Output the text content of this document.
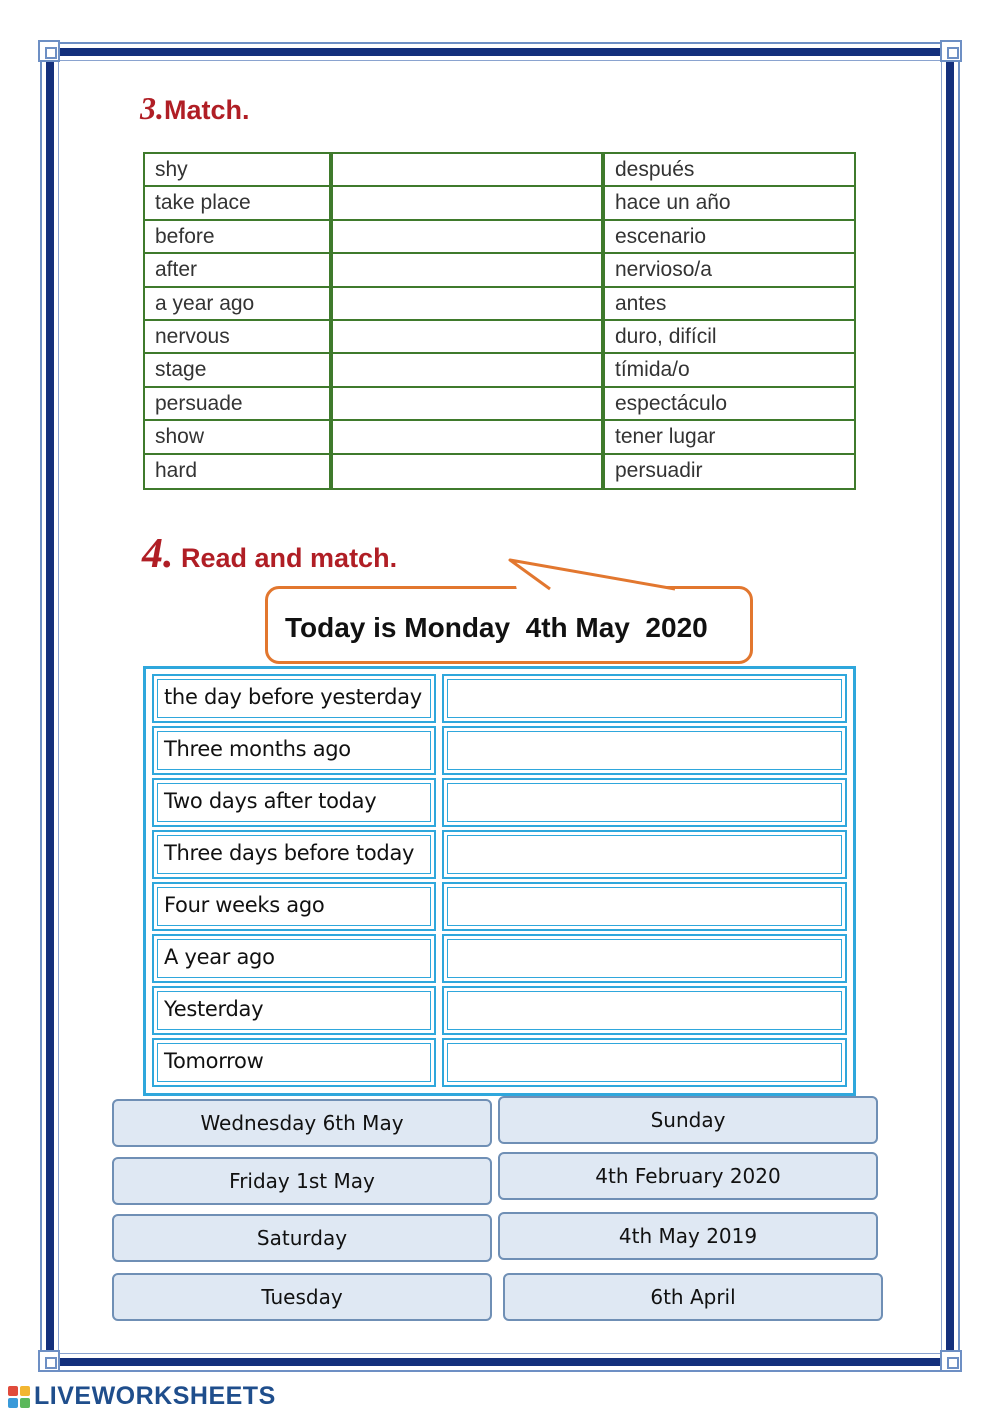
3.Match.
shy	después
take place	hace un año
before	escenario
after	nervioso/a
a year ago	antes
nervous	duro, difícil
stage	tímida/o
persuade	espectáculo
show	tener lugar
hard	persuadir
4. Read and match.
Today is Monday  4th May  2020
the day before yesterday
Three months ago
Two days after today
Three days before today
Four weeks ago
A year ago
Yesterday
Tomorrow
Wednesday 6th May	Sunday
Friday 1st May	4th February 2020
Saturday	4th May 2019
Tuesday	6th April
LIVEWORKSHEETS
